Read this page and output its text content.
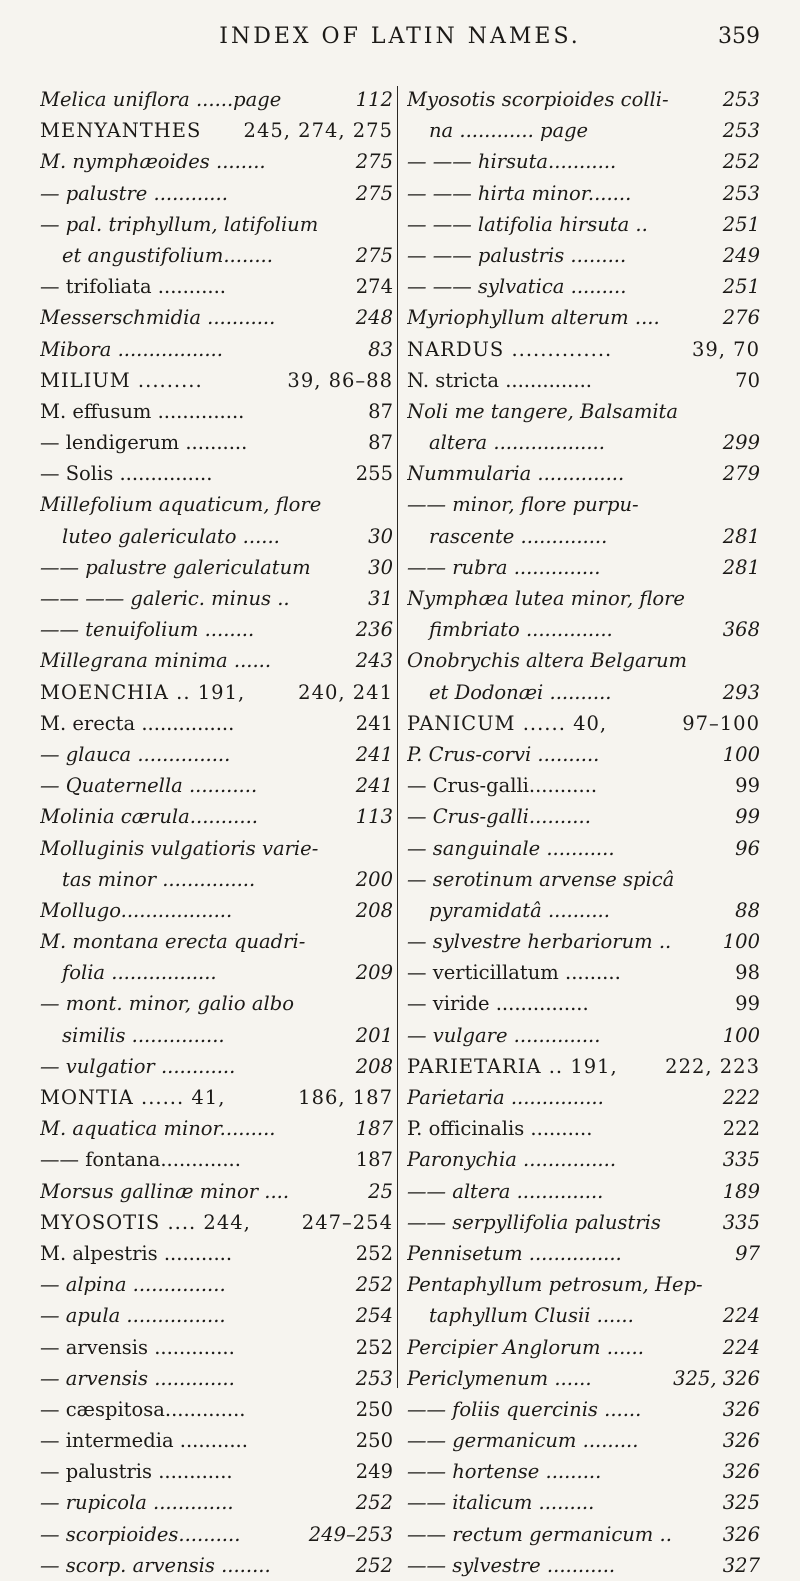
INDEX OF LATIN NAMES.	359
Melica uniflora ......page	112
MENYANTHES 245, 274, 275
M. nymphæoides ........	275
— palustre ............	275
— pal. triphyllum, latifolium
et angustifolium........	275
— trifoliata ...........	274
Messerschmidia ...........	248
Mibora .................	83
MILIUM .........	39, 86–88
M. effusum ..............	87
— lendigerum ..........	87
— Solis ...............	255
Millefolium aquaticum, flore
luteo galericulato ......	30
—— palustre galericulatum	30
—— —— galeric. minus ..	31
—— tenuifolium ........	236
Millegrana minima ......	243
MOENCHIA .. 191,	240, 241
M. erecta ...............	241
— glauca ...............	241
— Quaternella ...........	241
Molinia cærula...........	113
Molluginis vulgatioris varie-
tas minor ...............	200
Mollugo..................	208
M. montana erecta quadri-
folia .................	209
— mont. minor, galio albo
similis ...............	201
— vulgatior ............	208
MONTIA ...... 41,	186, 187
M. aquatica minor.........	187
—— fontana.............	187
Morsus gallinæ minor ....	25
MYOSOTIS .... 244,	247–254
M. alpestris ...........	252
— alpina ...............	252
— apula ................	254
— arvensis .............	252
— arvensis .............	253
— cæspitosa.............	250
— intermedia ...........	250
— palustris ............	249
— rupicola .............	252
— scorpioides..........	249–253
— scorp. arvensis ........	252
Myosotis scorpioides colli-	253
na ............ page	253
— —— hirsuta...........	252
— —— hirta minor.......	253
— —— latifolia hirsuta ..	251
— —— palustris .........	249
— —— sylvatica .........	251
Myriophyllum alterum ....	276
NARDUS ..............	39, 70
N. stricta ..............	70
Noli me tangere, Balsamita
altera ..................	299
Nummularia ..............	279
—— minor, flore purpu-
rascente ..............	281
—— rubra ..............	281
Nymphæa lutea minor, flore
fimbriato ..............	368
Onobrychis altera Belgarum
et Dodonæi ..........	293
PANICUM ...... 40,	97–100
P. Crus-corvi ..........	100
— Crus-galli...........	99
— Crus-galli..........	99
— sanguinale ...........	96
— serotinum arvense spicâ
pyramidatâ ..........	88
— sylvestre herbariorum ..	100
— verticillatum .........	98
— viride ...............	99
— vulgare ..............	100
PARIETARIA .. 191, 222, 223
Parietaria ...............	222
P. officinalis ..........	222
Paronychia ...............	335
—— altera ..............	189
—— serpyllifolia palustris	335
Pennisetum ...............	97
Pentaphyllum petrosum, Hep-
taphyllum Clusii ......	224
Percipier Anglorum ......	224
Periclymenum ......	325, 326
—— foliis quercinis ......	326
—— germanicum .........	326
—— hortense .........	326
—— italicum .........	325
—— rectum germanicum ..	326
—— sylvestre ...........	327
